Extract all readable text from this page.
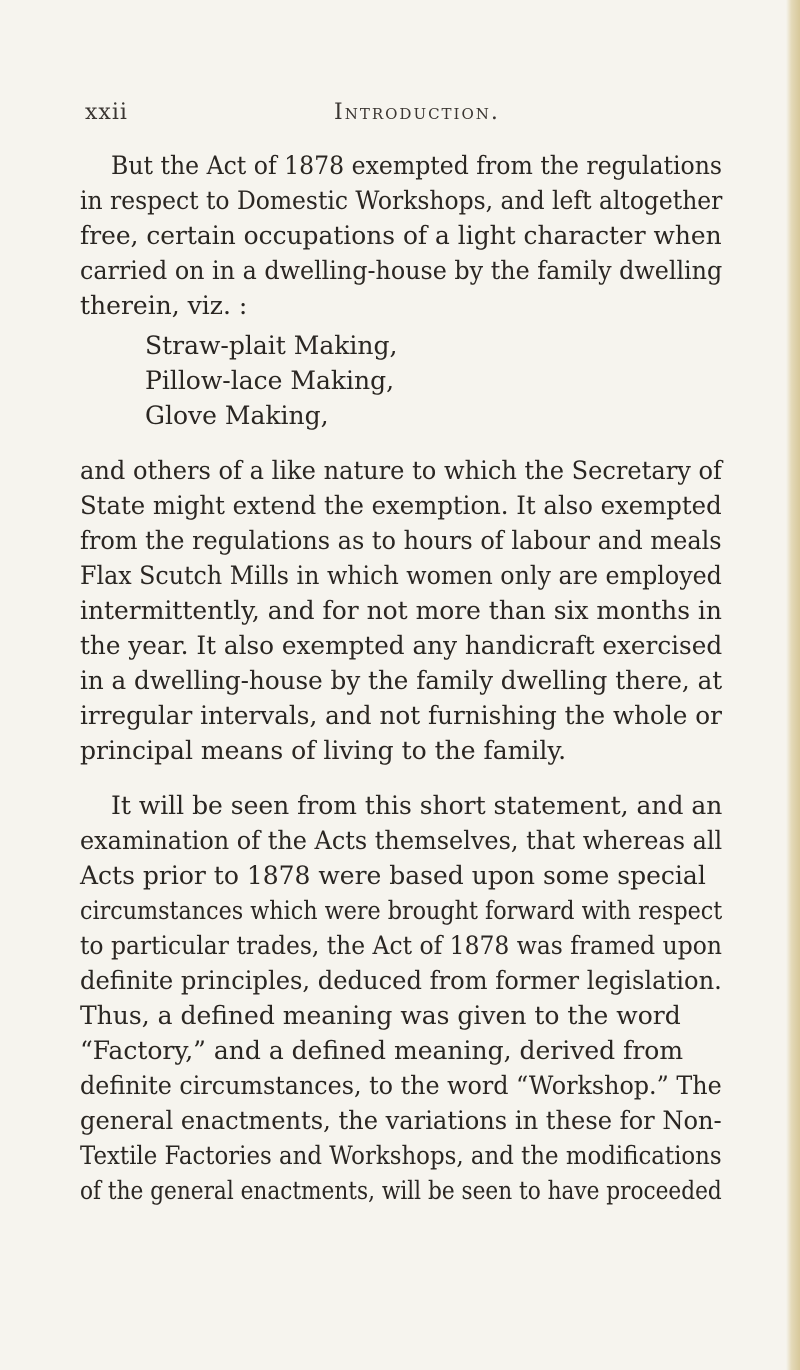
xxii	Introduction.
But the Act of 1878 exempted from the regulations
in respect to Domestic Workshops, and left altogether
free, certain occupations of a light character when
carried on in a dwelling-house by the family dwelling
therein, viz. :
Straw-plait Making,
Pillow-lace Making,
Glove Making,
and others of a like nature to which the Secretary of
State might extend the exemption. It also exempted
from the regulations as to hours of labour and meals
Flax Scutch Mills in which women only are employed
intermittently, and for not more than six months in
the year. It also exempted any handicraft exercised
in a dwelling-house by the family dwelling there, at
irregular intervals, and not furnishing the whole or
principal means of living to the family.
It will be seen from this short statement, and an
examination of the Acts themselves, that whereas all
Acts prior to 1878 were based upon some special
circumstances which were brought forward with respect
to particular trades, the Act of 1878 was framed upon
definite principles, deduced from former legislation.
Thus, a defined meaning was given to the word
“Factory,” and a defined meaning, derived from
definite circumstances, to the word “Workshop.” The
general enactments, the variations in these for Non-
Textile Factories and Workshops, and the modifications
of the general enactments, will be seen to have proceeded
